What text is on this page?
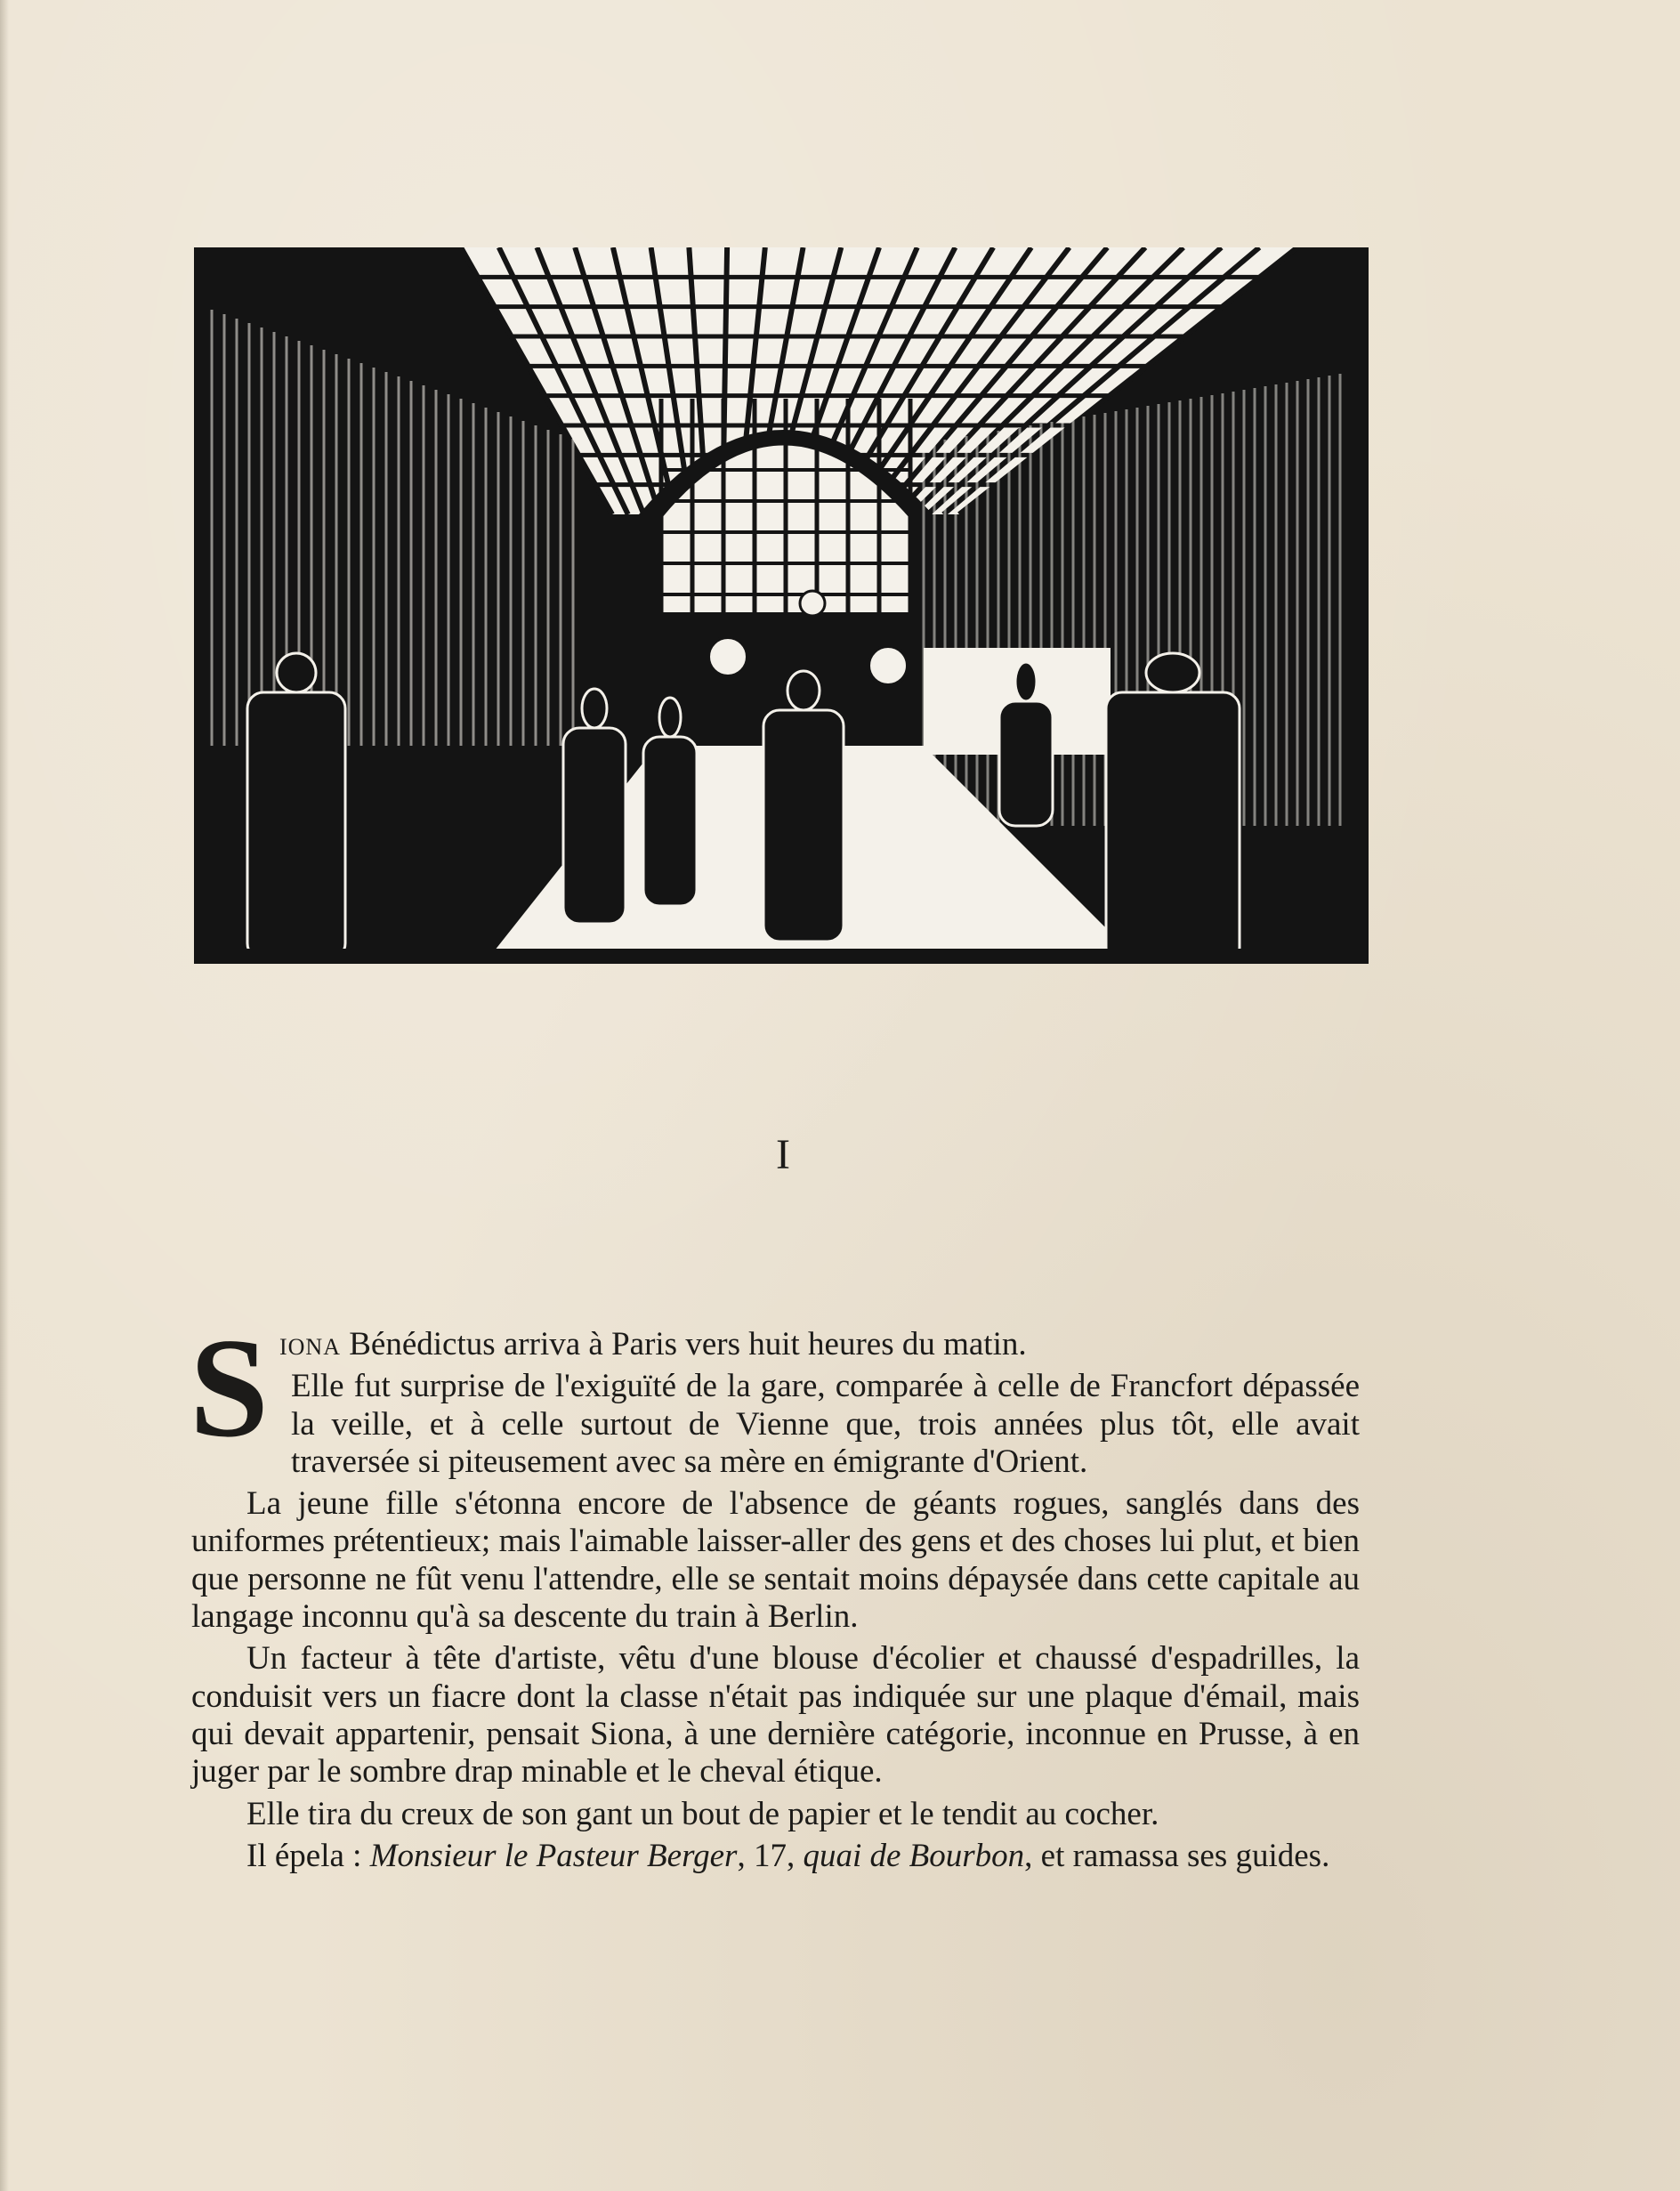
I

Siona Bénédictus arriva à Paris vers huit heures du matin.

Elle fut surprise de l'exiguïté de la gare, comparée à celle de Francfort dépassée la veille, et à celle surtout de Vienne que, trois années plus tôt, elle avait traversée si piteusement avec sa mère en émigrante d'Orient.

La jeune fille s'étonna encore de l'absence de géants rogues, sanglés dans des uniformes prétentieux; mais l'aimable laisser-aller des gens et des choses lui plut, et bien que personne ne fût venu l'attendre, elle se sentait moins dépaysée dans cette capitale au langage inconnu qu'à sa descente du train à Berlin.

Un facteur à tête d'artiste, vêtu d'une blouse d'écolier et chaussé d'espadrilles, la conduisit vers un fiacre dont la classe n'était pas indiquée sur une plaque d'émail, mais qui devait appartenir, pensait Siona, à une dernière catégorie, inconnue en Prusse, à en juger par le sombre drap minable et le cheval étique.

Elle tira du creux de son gant un bout de papier et le tendit au cocher.

Il épela : Monsieur le Pasteur Berger, 17, quai de Bourbon, et ramassa ses guides.
